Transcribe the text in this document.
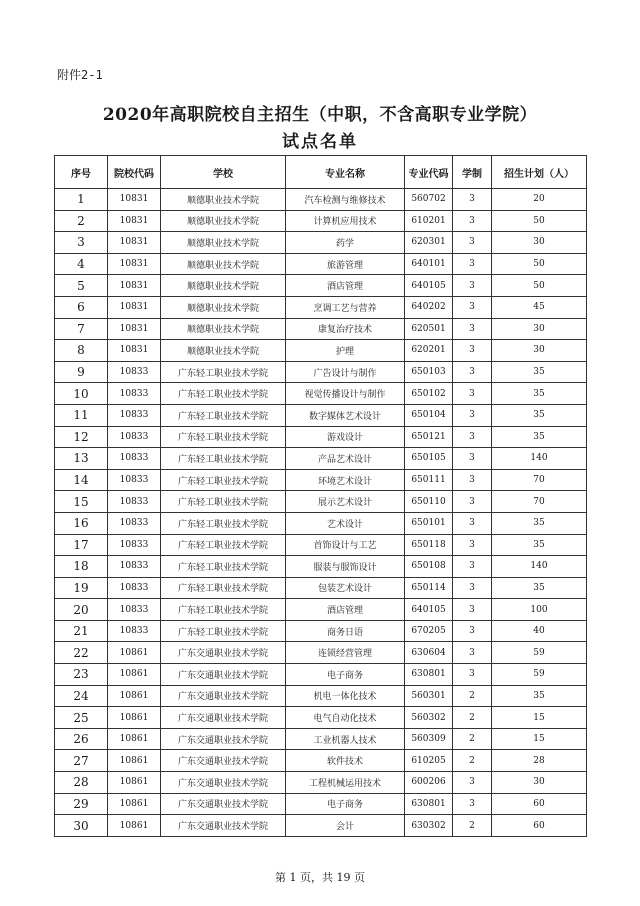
附件2-1
2020年高职院校自主招生（中职，不含高职专业学院）
试点名单
序号	院校代码	学校	专业名称	专业代码	学制	招生计划（人）
1	10831	顺德职业技术学院	汽车检测与维修技术	560702	3	20
2	10831	顺德职业技术学院	计算机应用技术	610201	3	50
3	10831	顺德职业技术学院	药学	620301	3	30
4	10831	顺德职业技术学院	旅游管理	640101	3	50
5	10831	顺德职业技术学院	酒店管理	640105	3	50
6	10831	顺德职业技术学院	烹调工艺与营养	640202	3	45
7	10831	顺德职业技术学院	康复治疗技术	620501	3	30
8	10831	顺德职业技术学院	护理	620201	3	30
9	10833	广东轻工职业技术学院	广告设计与制作	650103	3	35
10	10833	广东轻工职业技术学院	视觉传播设计与制作	650102	3	35
11	10833	广东轻工职业技术学院	数字媒体艺术设计	650104	3	35
12	10833	广东轻工职业技术学院	游戏设计	650121	3	35
13	10833	广东轻工职业技术学院	产品艺术设计	650105	3	140
14	10833	广东轻工职业技术学院	环境艺术设计	650111	3	70
15	10833	广东轻工职业技术学院	展示艺术设计	650110	3	70
16	10833	广东轻工职业技术学院	艺术设计	650101	3	35
17	10833	广东轻工职业技术学院	首饰设计与工艺	650118	3	35
18	10833	广东轻工职业技术学院	服装与服饰设计	650108	3	140
19	10833	广东轻工职业技术学院	包装艺术设计	650114	3	35
20	10833	广东轻工职业技术学院	酒店管理	640105	3	100
21	10833	广东轻工职业技术学院	商务日语	670205	3	40
22	10861	广东交通职业技术学院	连锁经营管理	630604	3	59
23	10861	广东交通职业技术学院	电子商务	630801	3	59
24	10861	广东交通职业技术学院	机电一体化技术	560301	2	35
25	10861	广东交通职业技术学院	电气自动化技术	560302	2	15
26	10861	广东交通职业技术学院	工业机器人技术	560309	2	15
27	10861	广东交通职业技术学院	软件技术	610205	2	28
28	10861	广东交通职业技术学院	工程机械运用技术	600206	3	30
29	10861	广东交通职业技术学院	电子商务	630801	3	60
30	10861	广东交通职业技术学院	会计	630302	2	60
第 1 页，共 19 页
